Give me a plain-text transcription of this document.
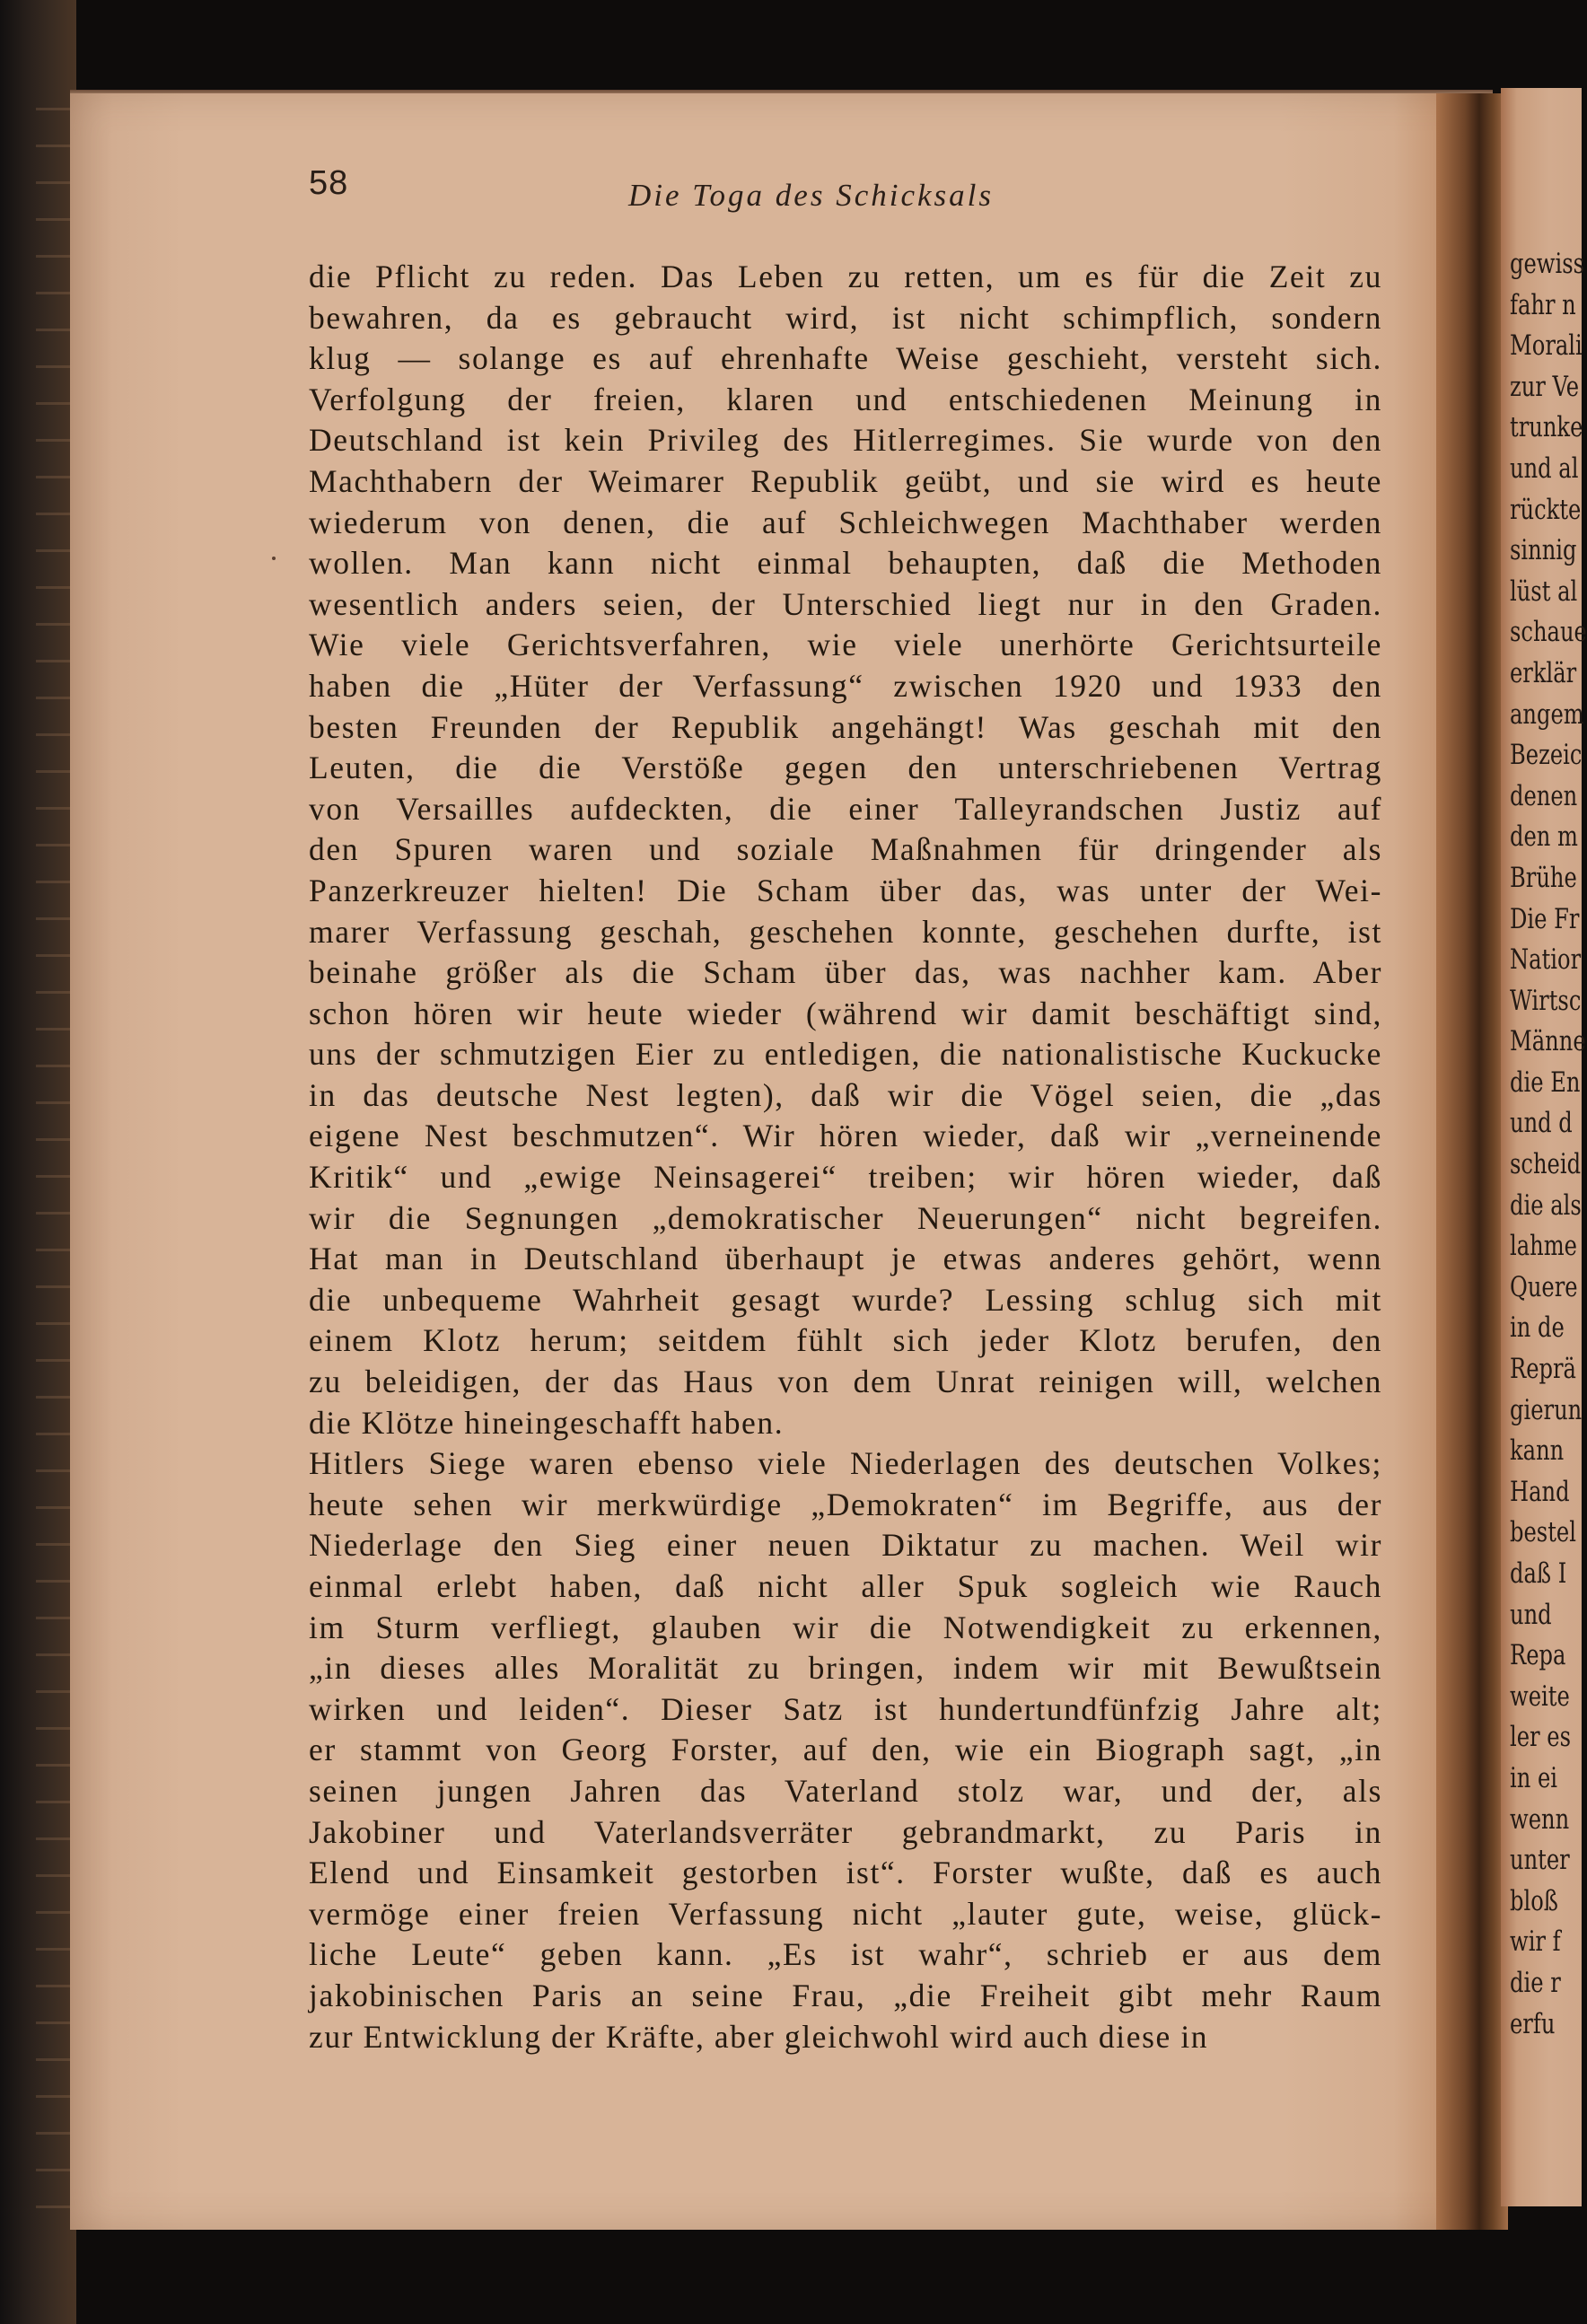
gewiss
fahr n
Morali
zur Ve
trunke
und al
rückte
sinnig
lüst al
schaue
erklär
angem
Bezeic
denen
den m
Brühe
Die Fr
Natior
Wirtsc
Männe
die En
und d
scheid
die als
lahme
Quere
in de
Reprä
gierun
kann
Hand
bestel
daß I
und
Repa
weite
ler es
in ei
wenn
unter
bloß
wir f
die r
erfu
58	Die Toga des Schicksals
die Pflicht zu reden. Das Leben zu retten, um es für die Zeit zu
bewahren, da es gebraucht wird, ist nicht schimpflich, sondern
klug — solange es auf ehrenhafte Weise geschieht, versteht sich.
Verfolgung der freien, klaren und entschiedenen Meinung in
Deutschland ist kein Privileg des Hitlerregimes. Sie wurde von den
Machthabern der Weimarer Republik geübt, und sie wird es heute
wiederum von denen, die auf Schleichwegen Machthaber werden
wollen. Man kann nicht einmal behaupten, daß die Methoden
wesentlich anders seien, der Unterschied liegt nur in den Graden.
Wie viele Gerichtsverfahren, wie viele unerhörte Gerichtsurteile
haben die „Hüter der Verfassung“ zwischen 1920 und 1933 den
besten Freunden der Republik angehängt! Was geschah mit den
Leuten, die die Verstöße gegen den unterschriebenen Vertrag
von Versailles aufdeckten, die einer Talleyrandschen Justiz auf
den Spuren waren und soziale Maßnahmen für dringender als
Panzerkreuzer hielten! Die Scham über das, was unter der Wei-
marer Verfassung geschah, geschehen konnte, geschehen durfte, ist
beinahe größer als die Scham über das, was nachher kam. Aber
schon hören wir heute wieder (während wir damit beschäftigt sind,
uns der schmutzigen Eier zu entledigen, die nationalistische Kuckucke
in das deutsche Nest legten), daß wir die Vögel seien, die „das
eigene Nest beschmutzen“. Wir hören wieder, daß wir „verneinende
Kritik“ und „ewige Neinsagerei“ treiben; wir hören wieder, daß
wir die Segnungen „demokratischer Neuerungen“ nicht begreifen.
Hat man in Deutschland überhaupt je etwas anderes gehört, wenn
die unbequeme Wahrheit gesagt wurde? Lessing schlug sich mit
einem Klotz herum; seitdem fühlt sich jeder Klotz berufen, den
zu beleidigen, der das Haus von dem Unrat reinigen will, welchen
die Klötze hineingeschafft haben.
Hitlers Siege waren ebenso viele Niederlagen des deutschen Volkes;
heute sehen wir merkwürdige „Demokraten“ im Begriffe, aus der
Niederlage den Sieg einer neuen Diktatur zu machen. Weil wir
einmal erlebt haben, daß nicht aller Spuk sogleich wie Rauch
im Sturm verfliegt, glauben wir die Notwendigkeit zu erkennen,
„in dieses alles Moralität zu bringen, indem wir mit Bewußtsein
wirken und leiden“. Dieser Satz ist hundertundfünfzig Jahre alt;
er stammt von Georg Forster, auf den, wie ein Biograph sagt, „in
seinen jungen Jahren das Vaterland stolz war, und der, als
Jakobiner und Vaterlandsverräter gebrandmarkt, zu Paris in
Elend und Einsamkeit gestorben ist“. Forster wußte, daß es auch
vermöge einer freien Verfassung nicht „lauter gute, weise, glück-
liche Leute“ geben kann. „Es ist wahr“, schrieb er aus dem
jakobinischen Paris an seine Frau, „die Freiheit gibt mehr Raum
zur Entwicklung der Kräfte, aber gleichwohl wird auch diese in
